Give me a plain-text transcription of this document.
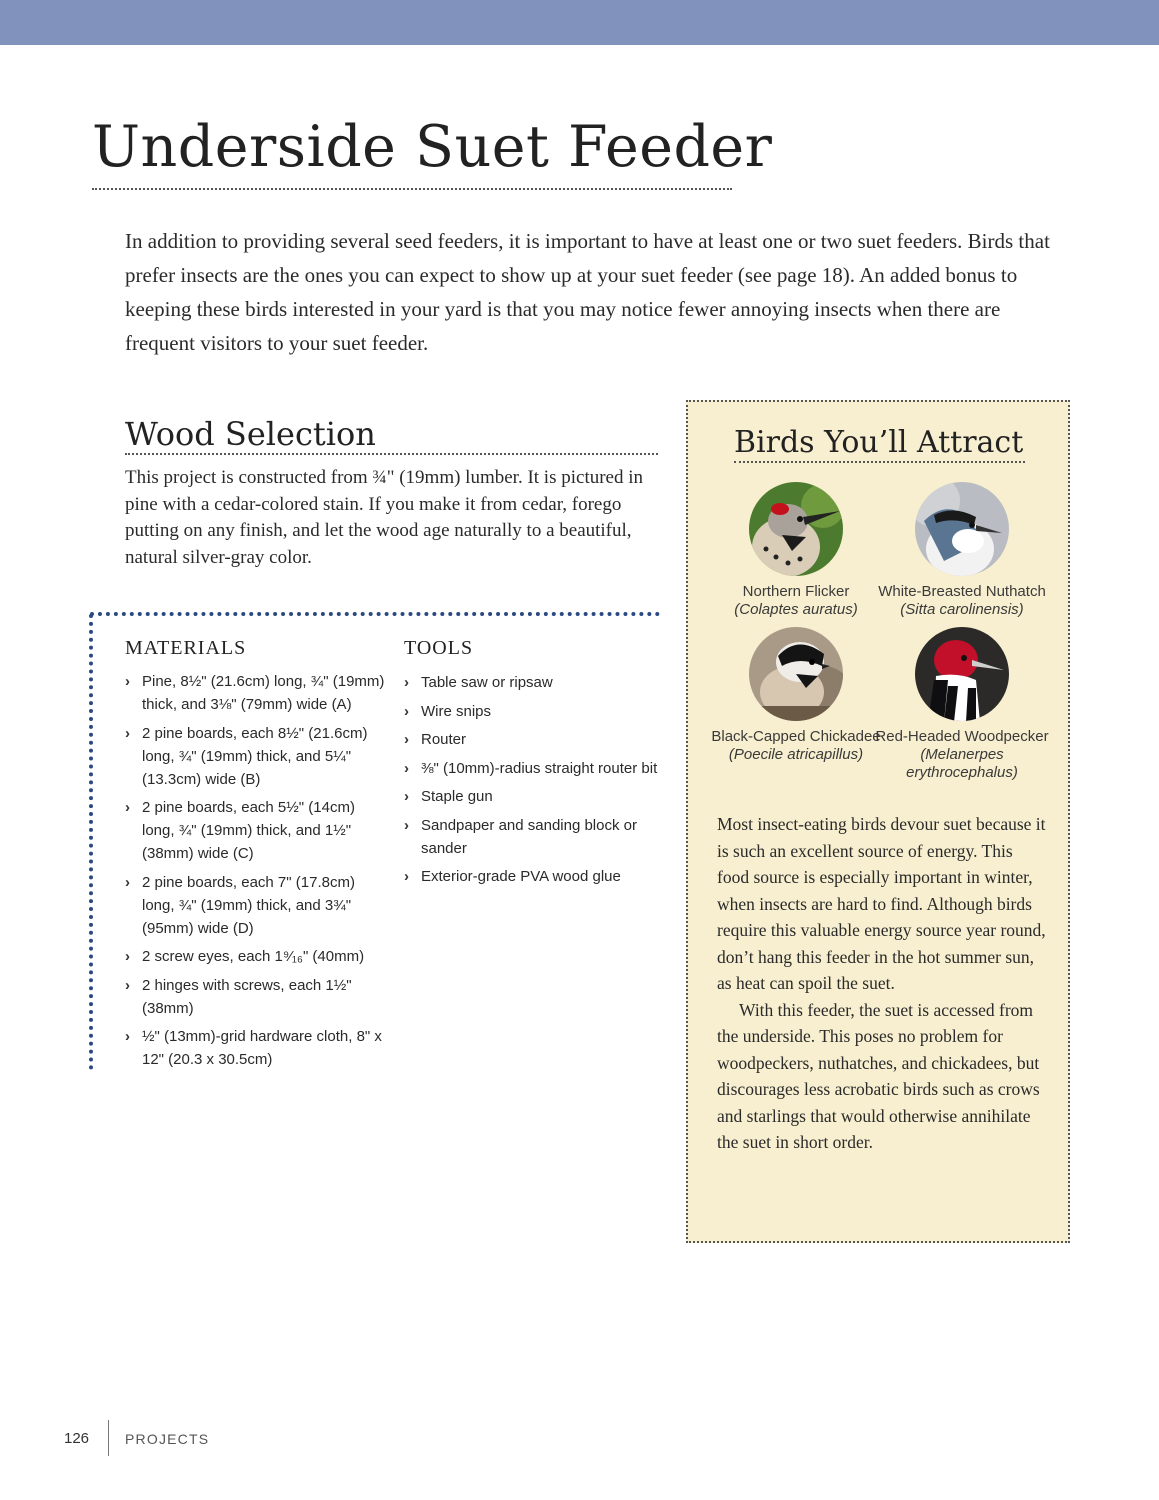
Underside Suet Feeder

In addition to providing several seed feeders, it is important to have at least one or two suet feeders. Birds that prefer insects are the ones you can expect to show up at your suet feeder (see page 18). An added bonus to keeping these birds interested in your yard is that you may notice fewer annoying insects when there are frequent visitors to your suet feeder.

Wood Selection

This project is constructed from ¾" (19mm) lumber. It is pictured in pine with a cedar-colored stain. If you make it from cedar, forego putting on any finish, and let the wood age naturally to a beautiful, natural silver-gray color.

MATERIALS
› Pine, 8½" (21.6cm) long, ¾" (19mm) thick, and 3⅛" (79mm) wide (A)
› 2 pine boards, each 8½" (21.6cm) long, ¾" (19mm) thick, and 5¼" (13.3cm) wide (B)
› 2 pine boards, each 5½" (14cm) long, ¾" (19mm) thick, and 1½" (38mm) wide (C)
› 2 pine boards, each 7" (17.8cm) long, ¾" (19mm) thick, and 3¾" (95mm) wide (D)
› 2 screw eyes, each 1⁹⁄₁₆" (40mm)
› 2 hinges with screws, each 1½" (38mm)
› ½" (13mm)-grid hardware cloth, 8" x 12" (20.3 x 30.5cm)
TOOLS
› Table saw or ripsaw
› Wire snips
› Router
› ⅜" (10mm)-radius straight router bit
› Staple gun
› Sandpaper and sanding block or sander
› Exterior-grade PVA wood glue
Birds You’ll Attract
Northern Flicker
(Colaptes auratus)
White-Breasted Nuthatch
(Sitta carolinensis)
Black-Capped Chickadee
(Poecile atricapillus)
Red-Headed Woodpecker
(Melanerpes erythrocephalus)

Most insect-eating birds devour suet because it is such an excellent source of energy. This food source is especially important in winter, when insects are hard to find. Although birds require this valuable energy source year round, don’t hang this feeder in the hot summer sun, as heat can spoil the suet.

With this feeder, the suet is accessed from the underside. This poses no problem for woodpeckers, nuthatches, and chickadees, but discourages less acrobatic birds such as crows and starlings that would otherwise annihilate the suet in short order.

126	PROJECTS
